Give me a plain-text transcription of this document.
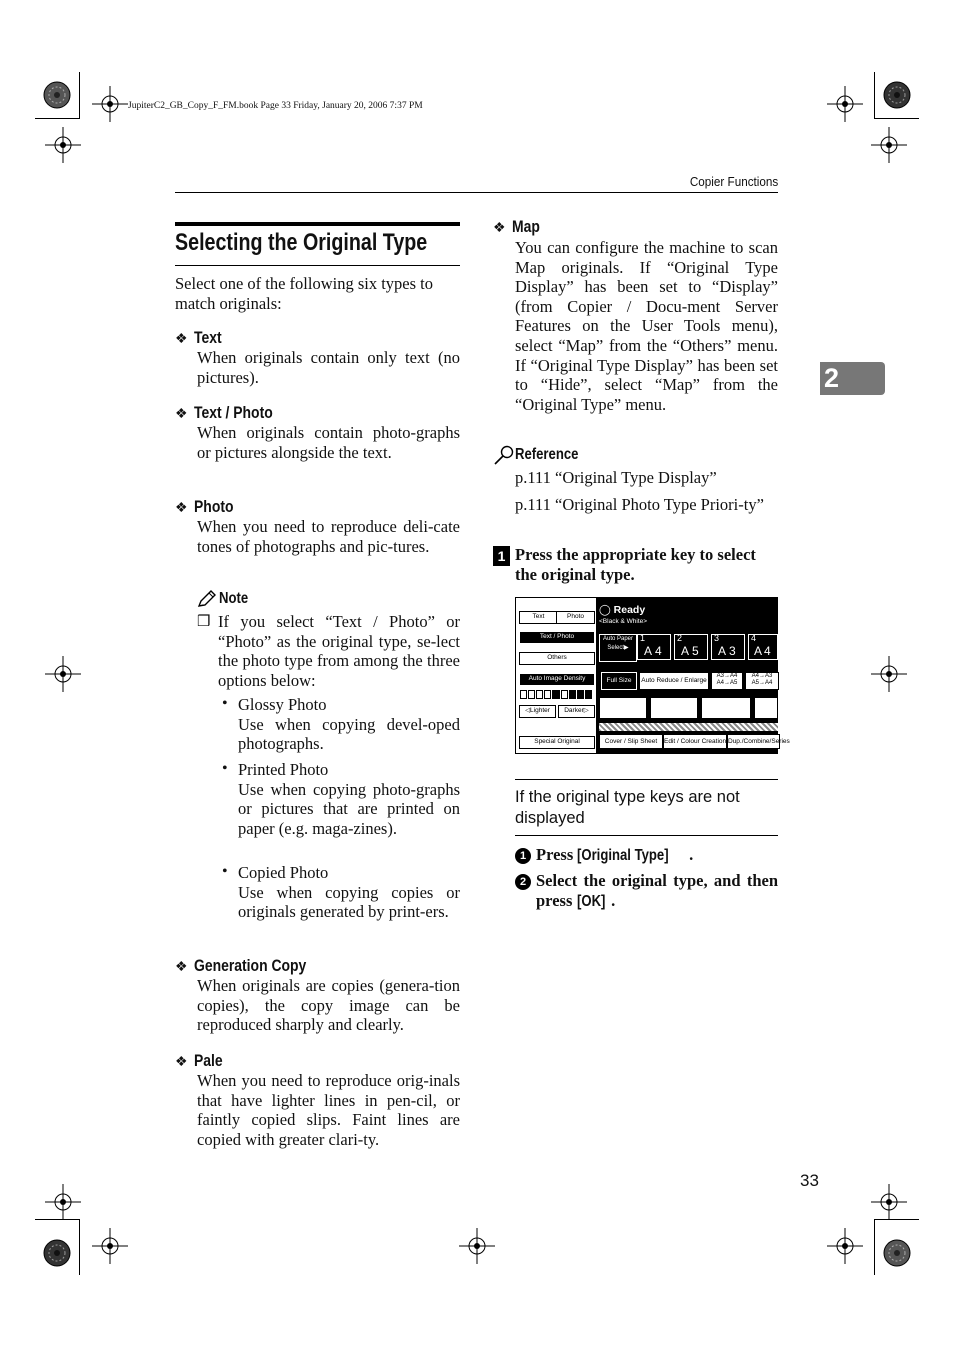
JupiterC2_GB_Copy_F_FM.book Page 33 Friday, January 20, 2006 7:37 PM
Copier Functions
2
Selecting the Original Type
Select one of the following six types to match originals:
❖ Text
When originals contain only text (no pictures).
❖ Text / Photo
When originals contain photo-graphs or pictures alongside the text.
❖ Photo
When you need to reproduce deli-cate tones of photographs and pic-tures.
Note
❒ If you select “Text / Photo” or “Photo” as the original type, se-lect the photo type from among the three options below:
• Glossy Photo
Use when copying devel-oped photographs.
• Printed Photo
Use when copying photo-graphs or pictures that are printed on paper (e.g. maga-zines).
• Copied Photo
Use when copying copies or originals generated by print-ers.
❖ Generation Copy
When originals are copies (genera-tion copies), the copy image can be reproduced sharply and clearly.
❖ Pale
When you need to reproduce orig-inals that have lighter lines in pen-cil, or faintly copied slips. Faint lines are copied with greater clari-ty.
❖ Map
You can configure the machine to scan Map originals. If “Original Type Display” has been set to “Display” (from Copier / Docu-ment Server Features on the User Tools menu), select “Map” from the “Others” menu. If “Original Type Display” has been set to “Hide”, select “Map” from the “Original Type” menu.
Reference
p.111 “Original Type Display”
p.111 “Original Photo Type Priori-ty”
1 Press the appropriate key to select the original type.
Text	Photo
Text / Photo
Others
Auto Image Density
◁Lighter	Darker▷
Special Original
◯ Ready
<Black & White>
Auto Paper Select▶
1
A4
2
A5
3
A3
4
A4
Full Size	Auto Reduce / Enlarge
A3→A4
A4→A5
A4→A3
A5→A4
Cover / Slip Sheet	Edit / Colour Creation Dup./Combine/Series
If the original type keys are not displayed
1 Press [Original Type] .
2 Select the original type, and then press [OK] .
33
